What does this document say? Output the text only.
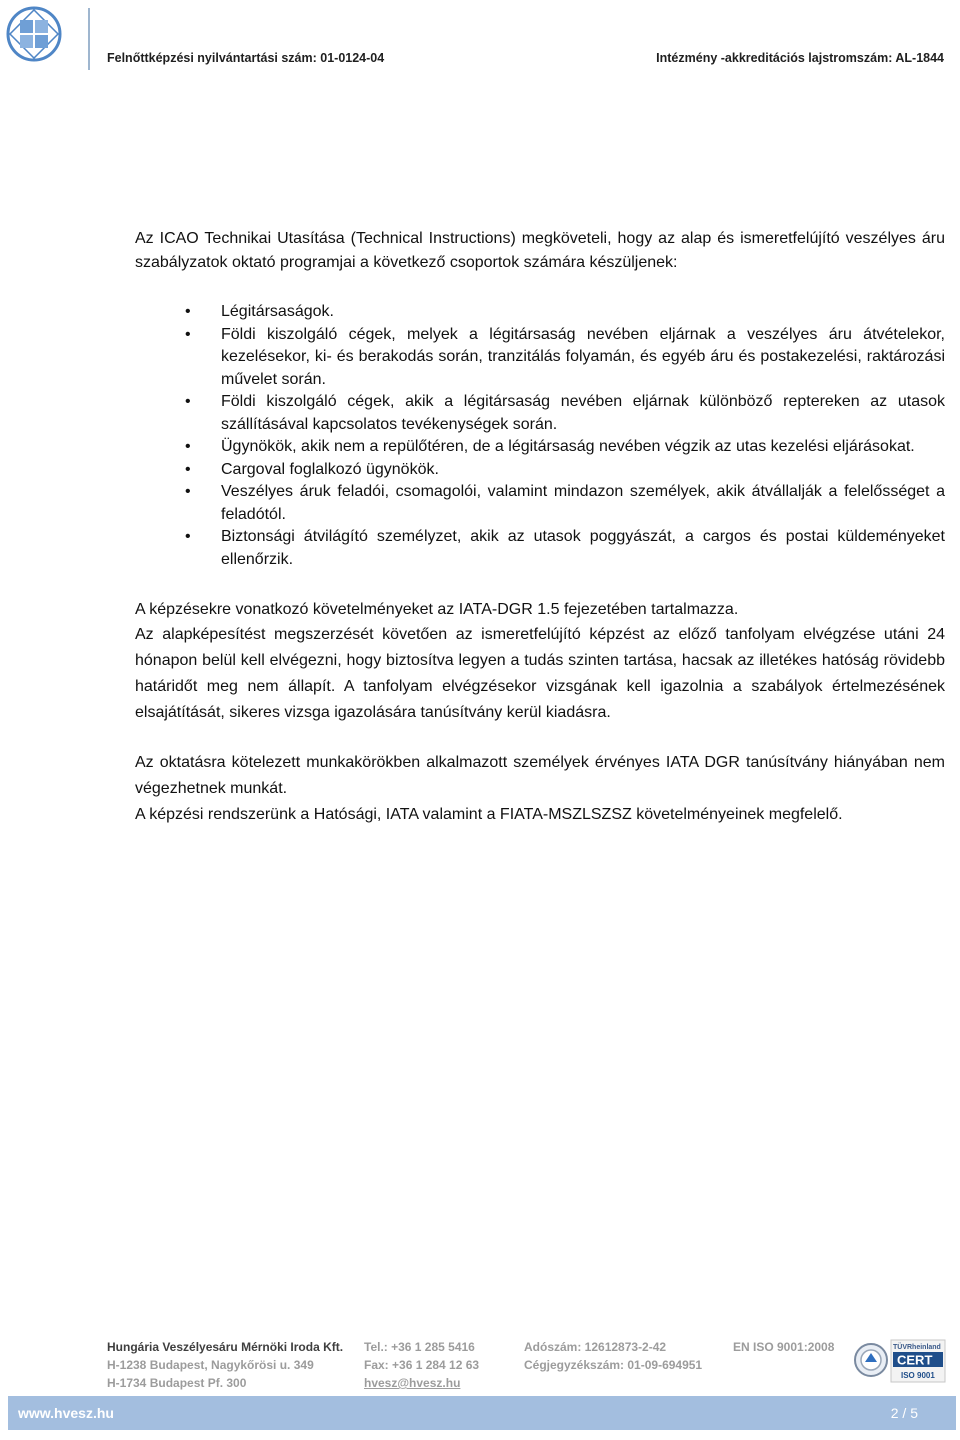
Felnőttképzési nyilvántartási szám: 01-0124-04	Intézmény -akkreditációs lajstromszám: AL-1844

Az ICAO Technikai Utasítása (Technical Instructions) megköveteli, hogy az alap és ismeretfelújító veszélyes áru szabályzatok oktató programjai a következő csoportok számára készüljenek:

• Légitársaságok.
• Földi kiszolgáló cégek, melyek a légitársaság nevében eljárnak a veszélyes áru átvételekor, kezelésekor, ki- és berakodás során, tranzitálás folyamán, és egyéb áru és postakezelési, raktározási művelet során.
• Földi kiszolgáló cégek, akik a légitársaság nevében eljárnak különböző reptereken az utasok szállításával kapcsolatos tevékenységek során.
• Ügynökök, akik nem a repülőtéren, de a légitársaság nevében végzik az utas kezelési eljárásokat.
• Cargoval foglalkozó ügynökök.
• Veszélyes áruk feladói, csomagolói, valamint mindazon személyek, akik átvállalják a felelősséget a feladótól.
• Biztonsági átvilágító személyzet, akik az utasok poggyászát, a cargos és postai küldeményeket ellenőrzik.

A képzésekre vonatkozó követelményeket az IATA-DGR 1.5 fejezetében tartalmazza.

Az alapképesítést megszerzését követően az ismeretfelújító képzést az előző tanfolyam elvégzése utáni 24 hónapon belül kell elvégezni, hogy biztosítva legyen a tudás szinten tartása, hacsak az illetékes hatóság rövidebb határidőt meg nem állapít. A tanfolyam elvégzésekor vizsgának kell igazolnia a szabályok értelmezésének elsajátítását, sikeres vizsga igazolására tanúsítvány kerül kiadásra.

Az oktatásra kötelezett munkakörökben alkalmazott személyek érvényes IATA DGR tanúsítvány hiányában nem végezhetnek munkát.

A képzési rendszerünk a Hatósági, IATA valamint a FIATA-MSZLSZSZ követelményeinek megfelelő.

Hungária Veszélyesáru Mérnöki Iroda Kft.
H-1238 Budapest, Nagykőrösi u. 349
H-1734 Budapest Pf. 300
Tel.: +36 1 285 5416
Fax: +36 1 284 12 63
hvesz@hvesz.hu
Adószám: 12612873-2-42
Cégjegyzékszám: 01-09-694951
EN ISO 9001:2008	TÜVRheinland
CERT
ISO 9001
www.hvesz.hu	2 / 5
